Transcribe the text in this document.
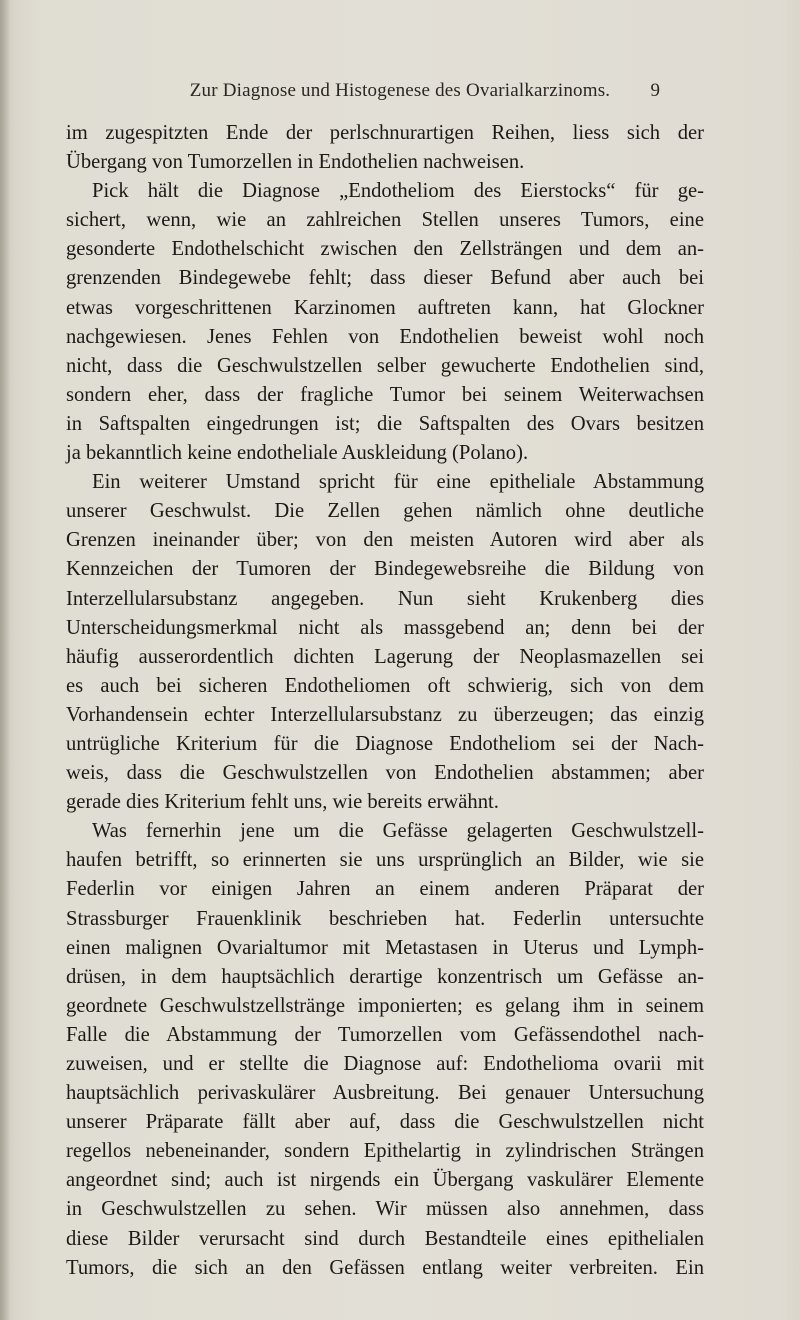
Zur Diagnose und Histogenese des Ovarialkarzinoms.	9
im zugespitzten Ende der perlschnurartigen Reihen, liess sich der
Übergang von Tumorzellen in Endothelien nachweisen.
Pick hält die Diagnose „Endotheliom des Eierstocks“ für ge-
sichert, wenn, wie an zahlreichen Stellen unseres Tumors, eine
gesonderte Endothelschicht zwischen den Zellsträngen und dem an-
grenzenden Bindegewebe fehlt; dass dieser Befund aber auch bei
etwas vorgeschrittenen Karzinomen auftreten kann, hat Glockner
nachgewiesen. Jenes Fehlen von Endothelien beweist wohl noch
nicht, dass die Geschwulstzellen selber gewucherte Endothelien sind,
sondern eher, dass der fragliche Tumor bei seinem Weiterwachsen
in Saftspalten eingedrungen ist; die Saftspalten des Ovars besitzen
ja bekanntlich keine endotheliale Auskleidung (Polano).
Ein weiterer Umstand spricht für eine epitheliale Abstammung
unserer Geschwulst. Die Zellen gehen nämlich ohne deutliche
Grenzen ineinander über; von den meisten Autoren wird aber als
Kennzeichen der Tumoren der Bindegewebsreihe die Bildung von
Interzellularsubstanz angegeben. Nun sieht Krukenberg dies
Unterscheidungsmerkmal nicht als massgebend an; denn bei der
häufig ausserordentlich dichten Lagerung der Neoplasmazellen sei
es auch bei sicheren Endotheliomen oft schwierig, sich von dem
Vorhandensein echter Interzellularsubstanz zu überzeugen; das einzig
untrügliche Kriterium für die Diagnose Endotheliom sei der Nach-
weis, dass die Geschwulstzellen von Endothelien abstammen; aber
gerade dies Kriterium fehlt uns, wie bereits erwähnt.
Was fernerhin jene um die Gefässe gelagerten Geschwulstzell-
haufen betrifft, so erinnerten sie uns ursprünglich an Bilder, wie sie
Federlin vor einigen Jahren an einem anderen Präparat der
Strassburger Frauenklinik beschrieben hat. Federlin untersuchte
einen malignen Ovarialtumor mit Metastasen in Uterus und Lymph-
drüsen, in dem hauptsächlich derartige konzentrisch um Gefässe an-
geordnete Geschwulstzellstränge imponierten; es gelang ihm in seinem
Falle die Abstammung der Tumorzellen vom Gefässendothel nach-
zuweisen, und er stellte die Diagnose auf: Endothelioma ovarii mit
hauptsächlich perivaskulärer Ausbreitung. Bei genauer Untersuchung
unserer Präparate fällt aber auf, dass die Geschwulstzellen nicht
regellos nebeneinander, sondern Epithelartig in zylindrischen Strängen
angeordnet sind; auch ist nirgends ein Übergang vaskulärer Elemente
in Geschwulstzellen zu sehen. Wir müssen also annehmen, dass
diese Bilder verursacht sind durch Bestandteile eines epithelialen
Tumors, die sich an den Gefässen entlang weiter verbreiten. Ein
